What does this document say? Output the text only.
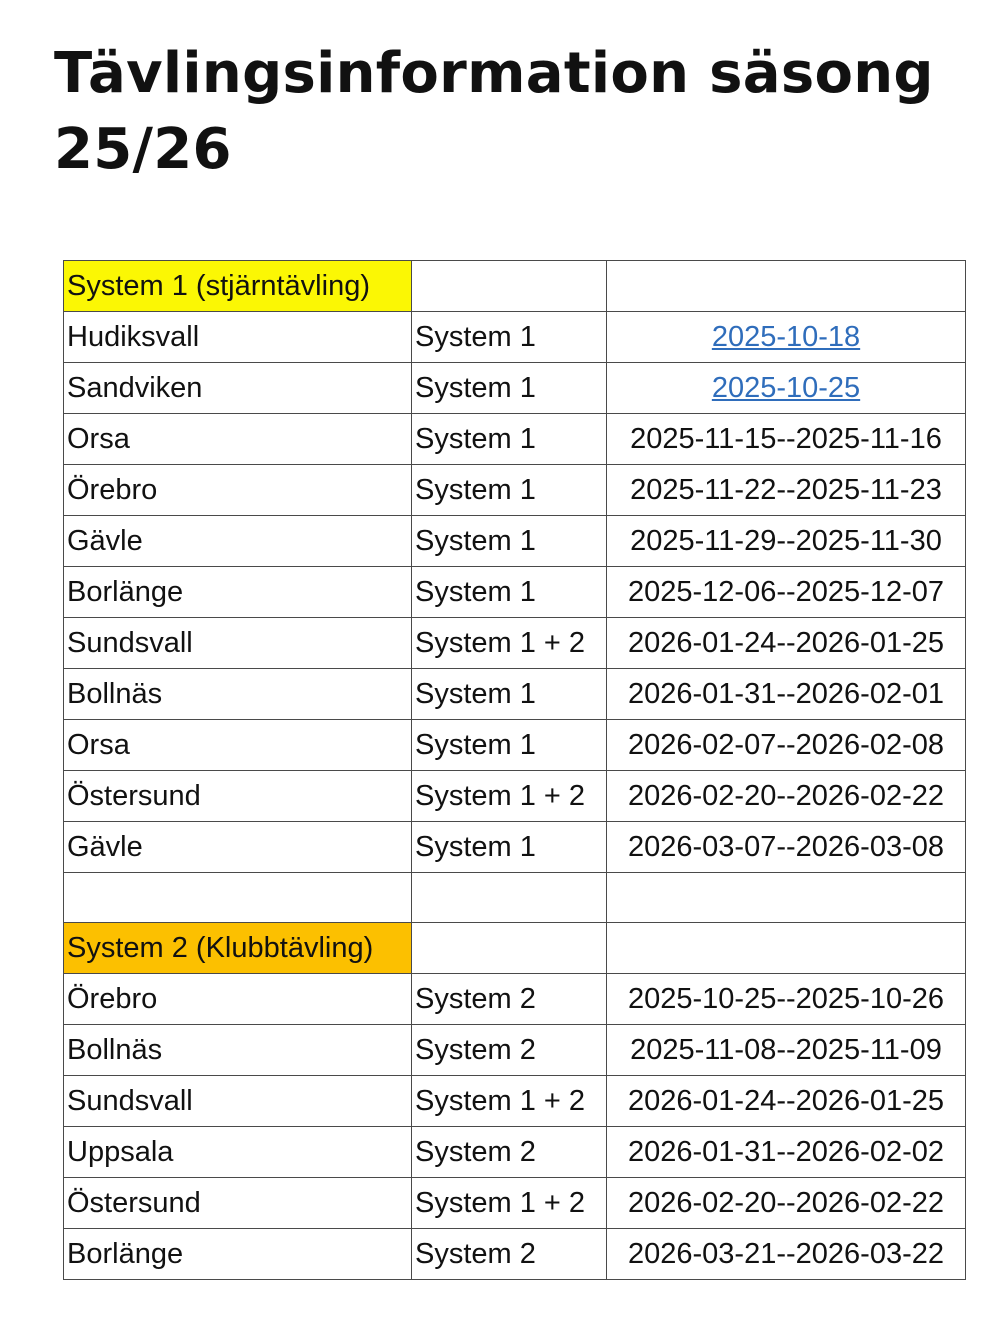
Tävlingsinformation säsong 25/26
System 1 (stjärntävling)		
Hudiksvall	System 1	2025-10-18
Sandviken	System 1	2025-10-25
Orsa	System 1	2025-11-15--2025-11-16
Örebro	System 1	2025-11-22--2025-11-23
Gävle	System 1	2025-11-29--2025-11-30
Borlänge	System 1	2025-12-06--2025-12-07
Sundsvall	System 1 + 2	2026-01-24--2026-01-25
Bollnäs	System 1	2026-01-31--2026-02-01
Orsa	System 1	2026-02-07--2026-02-08
Östersund	System 1 + 2	2026-02-20--2026-02-22
Gävle	System 1	2026-03-07--2026-03-08

System 2 (Klubbtävling)		
Örebro	System 2	2025-10-25--2025-10-26
Bollnäs	System 2	2025-11-08--2025-11-09
Sundsvall	System 1 + 2	2026-01-24--2026-01-25
Uppsala	System 2	2026-01-31--2026-02-02
Östersund	System 1 + 2	2026-02-20--2026-02-22
Borlänge	System 2	2026-03-21--2026-03-22
